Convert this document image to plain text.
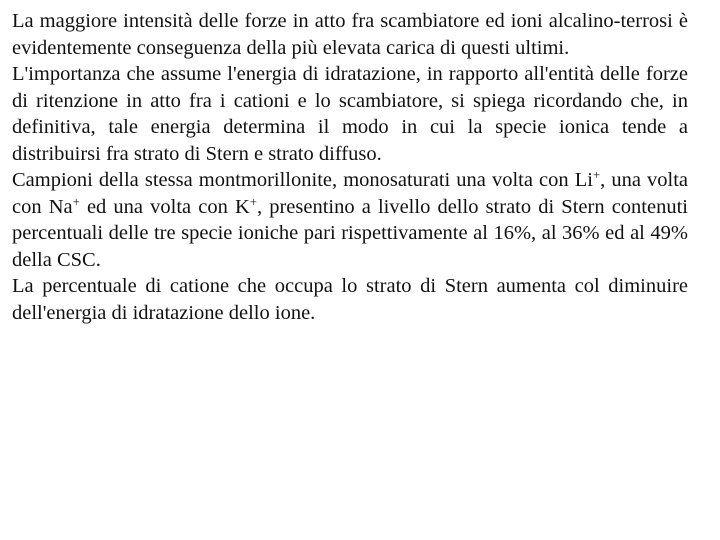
La maggiore intensità delle forze in atto fra scambiatore ed ioni alcalino-terrosi è evidentemente conseguenza della più elevata carica di questi ultimi.

L'importanza che assume l'energia di idratazione, in rapporto all'entità delle forze di ritenzione in atto fra i cationi e lo scambiatore, si spiega ricordando che, in definitiva, tale energia determina il modo in cui la specie ionica tende a distribuirsi fra strato di Stern e strato diffuso.

Campioni della stessa montmorillonite, monosaturati una volta con Li+, una volta con Na+ ed una volta con K+, presentino a livello dello strato di Stern contenuti percentuali delle tre specie ioniche pari rispettivamente al 16%, al 36% ed al 49% della CSC.

La percentuale di catione che occupa lo strato di Stern aumenta col diminuire dell'energia di idratazione dello ione.
